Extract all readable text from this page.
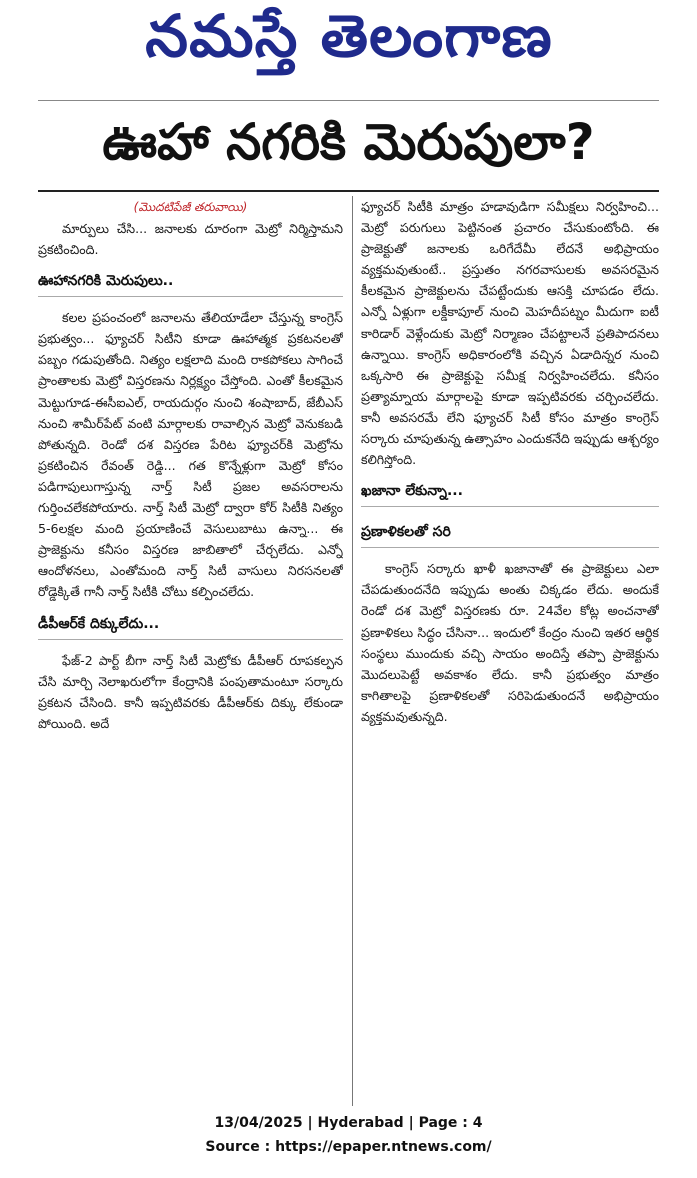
నమస్తే తెలంగాణ
ఊహా నగరికి మెరుపులా?
(మొదటిపేజీ తరువాయి)

మార్పులు చేసి... జనాలకు దూరంగా మెట్రో నిర్మిస్తామని ప్రకటించింది.

ఊహానగరికి మెరుపులు..

కలల ప్రపంచంలో జనాలను తేలియాడేలా చేస్తున్న కాంగ్రెస్ ప్రభుత్వం... ఫ్యూచర్ సిటీని కూడా ఊహాత్మక ప్రకటనలతో పబ్బం గడుపుతోంది. నిత్యం లక్షలాది మంది రాకపోకలు సాగించే ప్రాంతాలకు మెట్రో విస్తరణను నిర్లక్ష్యం చేస్తోంది. ఎంతో కీలకమైన మెట్టుగూడ-ఈసీఐఎల్, రాయదుర్గం నుంచి శంషాబాద్, జేబీఎస్ నుంచి శామీర్‌పేట్ వంటి మార్గాలకు రావాల్సిన మెట్రో వెనుకబడి పోతున్నది. రెండో దశ విస్తరణ పేరిట ఫ్యూచర్‌కి మెట్రోను ప్రకటించిన రేవంత్ రెడ్డి... గత కొన్నేళ్లుగా మెట్రో కోసం పడిగాపులుగాస్తున్న నార్త్ సిటీ ప్రజల అవసరాలను గుర్తించలేకపోయారు. నార్త్ సిటీ మెట్రో ద్వారా కోర్ సిటీకి నిత్యం 5-6లక్షల మంది ప్రయాణించే వెసులుబాటు ఉన్నా... ఈ ప్రాజెక్టును కనీసం విస్తరణ జాబితాలో చేర్చలేదు. ఎన్నో ఆందోళనలు, ఎంతోమంది నార్త్ సిటీ వాసులు నిరసనలతో రోడ్డెక్కితే గానీ నార్త్ సిటీకి చోటు కల్పించలేదు.

డీపీఆర్‌కే దిక్కులేదు...

ఫేజ్-2 పార్ట్ బీగా నార్త్ సిటీ మెట్రోకు డీపీఆర్ రూపకల్పన చేసి మార్చి నెలాఖరులోగా కేంద్రానికి పంపుతామంటూ సర్కారు ప్రకటన చేసింది. కానీ ఇప్పటివరకు డీపీఆర్‌కు దిక్కు లేకుండా పోయింది. అదే

ఫ్యూచర్ సిటీకి మాత్రం హడావుడిగా సమీక్షలు నిర్వహించి... మెట్రో పరుగులు పెట్టినంత ప్రచారం చేసుకుంటోంది. ఈ ప్రాజెక్టుతో జనాలకు ఒరిగేదేమీ లేదనే అభిప్రాయం వ్యక్తమవుతుంటే.. ప్రస్తుతం నగరవాసులకు అవసరమైన కీలకమైన ప్రాజెక్టులను చేపట్టేందుకు ఆసక్తి చూపడం లేదు. ఎన్నో ఏళ్లుగా లక్డీకాపూల్ నుంచి మెహదీపట్నం మీదుగా ఐటీ కారిడార్ వెళ్లేందుకు మెట్రో నిర్మాణం చేపట్టాలనే ప్రతిపాదనలు ఉన్నాయి. కాంగ్రెస్ అధికారంలోకి వచ్చిన ఏడాదిన్నర నుంచి ఒక్కసారి ఈ ప్రాజెక్టుపై సమీక్ష నిర్వహించలేదు. కనీసం ప్రత్యామ్నాయ మార్గాలపై కూడా ఇప్పటివరకు చర్చించలేదు. కానీ అవసరమే లేని ఫ్యూచర్ సిటీ కోసం మాత్రం కాంగ్రెస్ సర్కారు చూపుతున్న ఉత్సాహం ఎందుకనేది ఇప్పుడు ఆశ్చర్యం కలిగిస్తోంది.

ఖజానా లేకున్నా...
ప్రణాళికలతో సరి

కాంగ్రెస్ సర్కారు ఖాళీ ఖజానాతో ఈ ప్రాజెక్టులు ఎలా చేపడుతుందనేది ఇప్పుడు అంతు చిక్కడం లేదు. అందుకే రెండో దశ మెట్రో విస్తరణకు రూ. 24వేల కోట్ల అంచనాతో ప్రణాళికలు సిద్ధం చేసినా... ఇందులో కేంద్రం నుంచి ఇతర ఆర్థిక సంస్థలు ముందుకు వచ్చి సాయం అందిస్తే తప్పా ప్రాజెక్టును మొదలుపెట్టే అవకాశం లేదు. కానీ ప్రభుత్వం మాత్రం కాగితాలపై ప్రణాళికలతో సరిపెడుతుందనే అభిప్రాయం వ్యక్తమవుతున్నది.

13/04/2025 | Hyderabad | Page : 4
Source : https://epaper.ntnews.com/
